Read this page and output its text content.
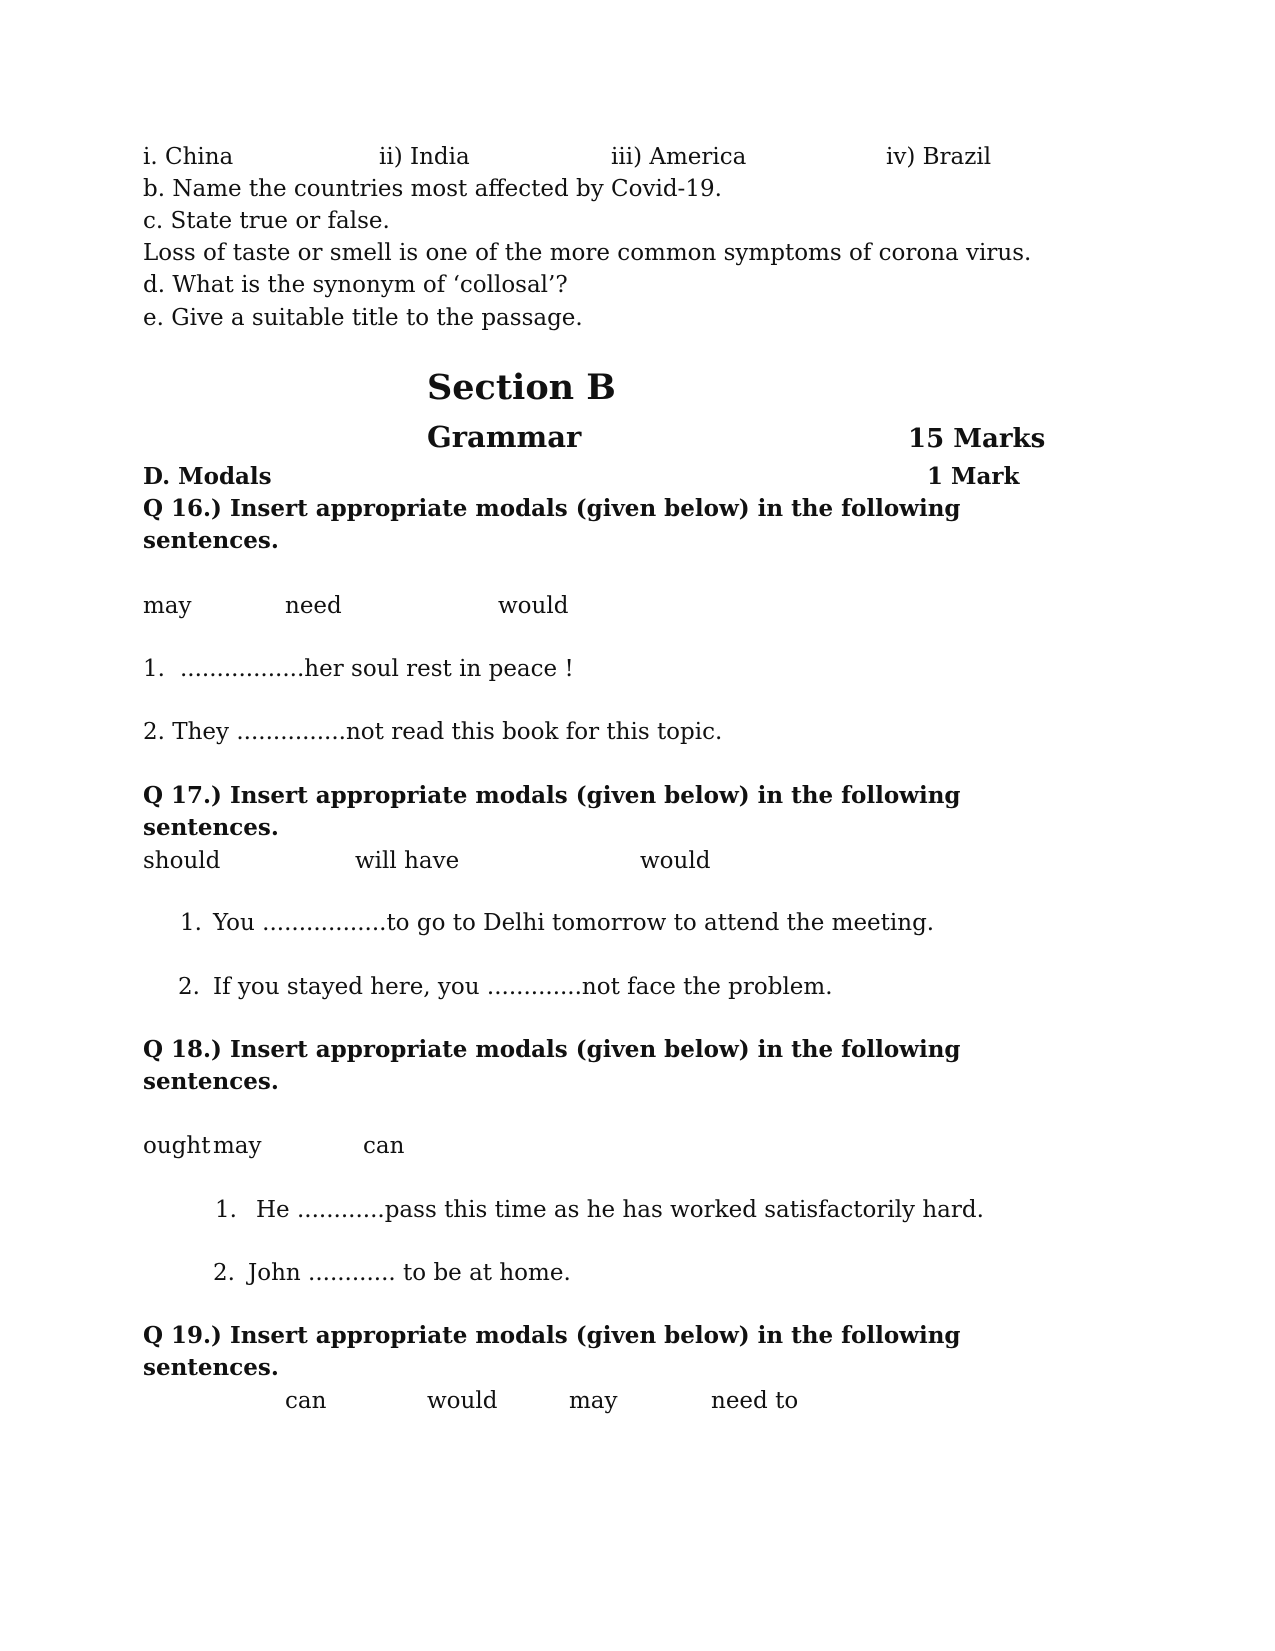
i. China	ii) India	iii) America	iv) Brazil
b. Name the countries most affected by Covid-19.
c. State true or false.
Loss of taste or smell is one of the more common symptoms of corona virus.
d. What is the synonym of ‘collosal’?
e. Give a suitable title to the passage.
Section B
Grammar	15 Marks
D. Modals	1 Mark
Q 16.) Insert appropriate modals (given below) in the following
sentences.
may	need	would
1. .................her soul rest in peace !
2. They ...............not read this book for this topic.
Q 17.) Insert appropriate modals (given below) in the following
sentences.
should	will have	would
1. You .................to go to Delhi tomorrow to attend the meeting.
2. If you stayed here, you .............not face the problem.
Q 18.) Insert appropriate modals (given below) in the following
sentences.
ought may	can
1. He ............pass this time as he has worked satisfactorily hard.
2. John ............ to be at home.
Q 19.) Insert appropriate modals (given below) in the following
sentences.
can	would	may	need to
